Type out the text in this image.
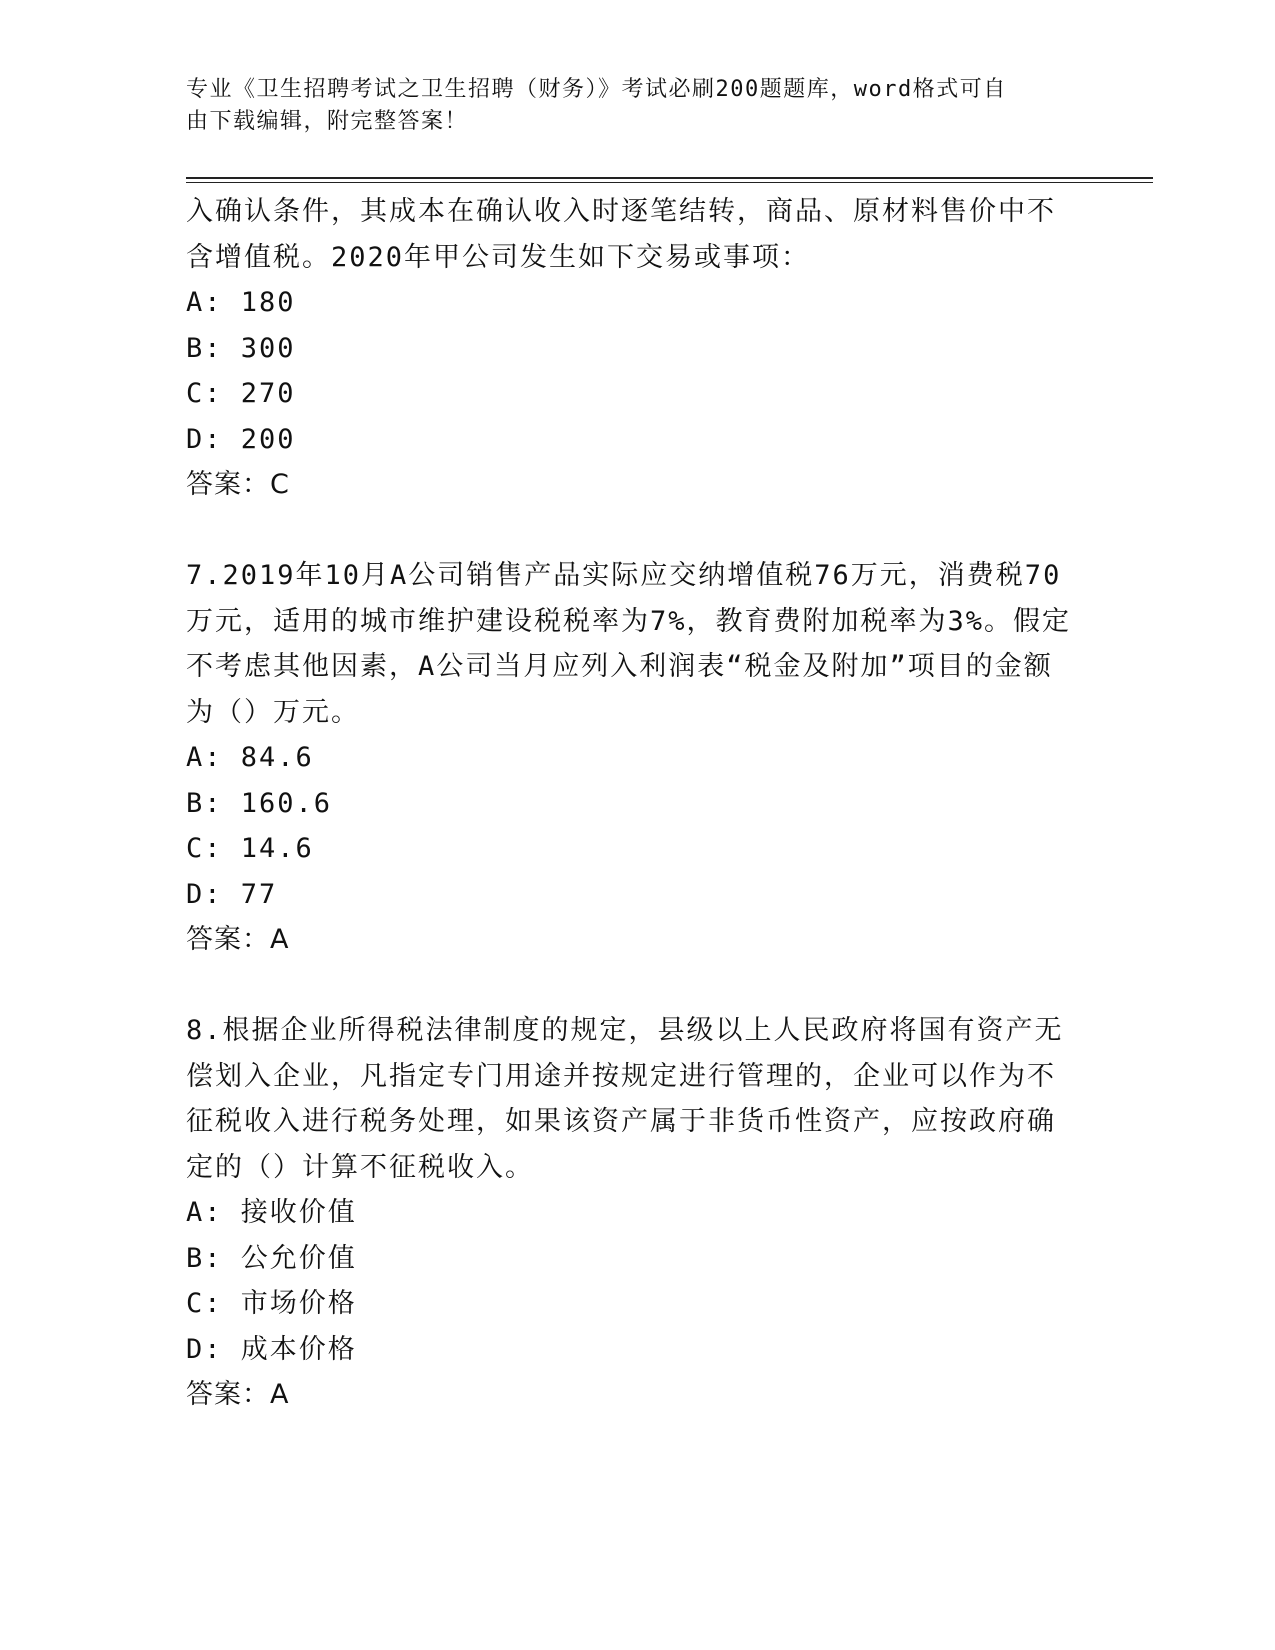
专业《卫生招聘考试之卫生招聘（财务）》考试必刷200题题库，word格式可自
由下载编辑，附完整答案！

入确认条件，其成本在确认收入时逐笔结转，商品、原材料售价中不

含增值税。2020年甲公司发生如下交易或事项：

A: 180

B: 300

C: 270

D: 200

答案：C

7.2019年10月A公司销售产品实际应交纳增值税76万元，消费税70

万元，适用的城市维护建设税税率为7%，教育费附加税率为3%。假定

不考虑其他因素，A公司当月应列入利润表“税金及附加”项目的金额

为（）万元。

A: 84.6

B: 160.6

C: 14.6

D: 77

答案：A

8.根据企业所得税法律制度的规定，县级以上人民政府将国有资产无

偿划入企业，凡指定专门用途并按规定进行管理的，企业可以作为不

征税收入进行税务处理，如果该资产属于非货币性资产，应按政府确

定的（）计算不征税收入。

A: 接收价值

B: 公允价值

C: 市场价格

D: 成本价格

答案：A
